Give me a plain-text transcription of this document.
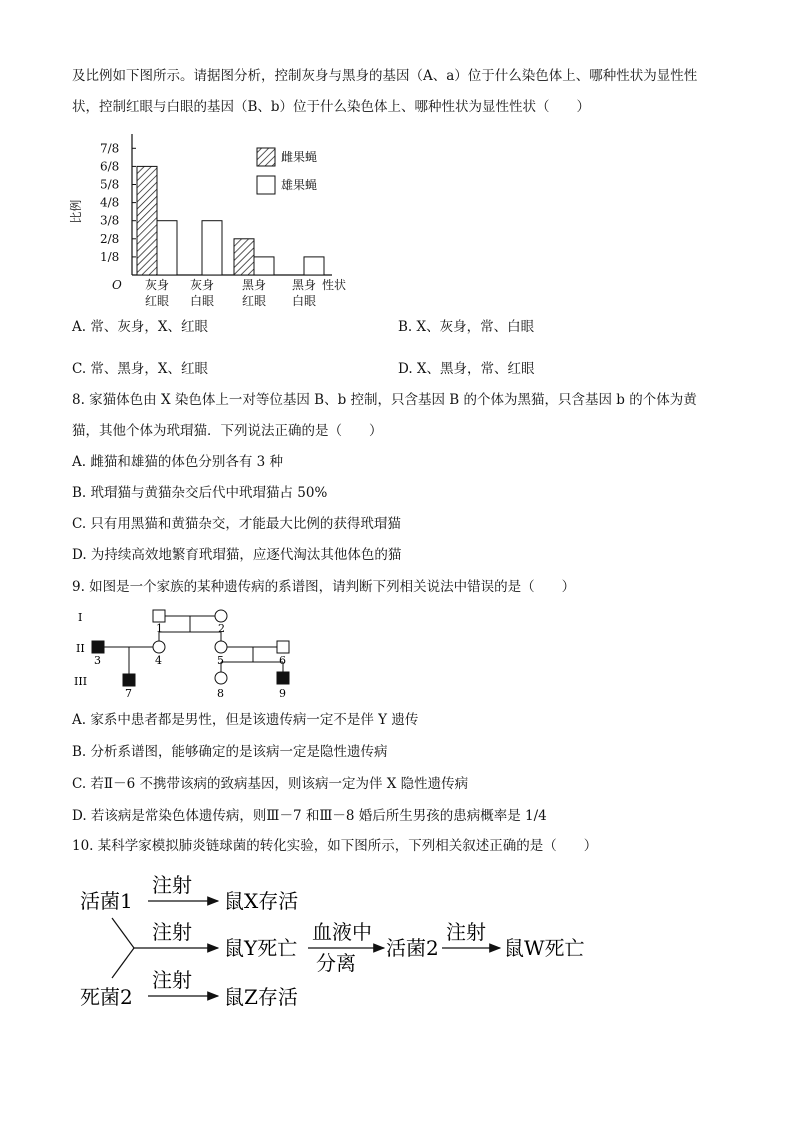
及比例如下图所示。请据图分析，控制灰身与黑身的基因（A、a）位于什么染色体上、哪种性状为显性性
状，控制红眼与白眼的基因（B、b）位于什么染色体上、哪种性状为显性性状（　　）
O
1/8
2/8
3/8
4/8
5/8
6/8
7/8
比例
灰身
红眼
灰身
白眼
黑身
红眼
黑身
白眼
性状
雌果蝇
雄果蝇
A. 常、灰身，X、红眼	B. X、灰身，常、白眼
C. 常、黑身，X、红眼	D. X、黑身，常、红眼
8. 家猫体色由 X 染色体上一对等位基因 B、b 控制，只含基因 B 的个体为黑猫，只含基因 b 的个体为黄
猫，其他个体为玳瑁猫．下列说法正确的是（　　）
A. 雌猫和雄猫的体色分别各有 3 种
B. 玳瑁猫与黄猫杂交后代中玳瑁猫占 50%
C. 只有用黑猫和黄猫杂交，才能最大比例的获得玳瑁猫
D. 为持续高效地繁育玳瑁猫，应逐代淘汰其他体色的猫
9. 如图是一个家族的某种遗传病的系谱图，请判断下列相关说法中错误的是（　　）
I
II
III
1	2
3	4	5	6
7	8	9
A. 家系中患者都是男性，但是该遗传病一定不是伴 Y 遗传
B. 分析系谱图，能够确定的是该病一定是隐性遗传病
C. 若Ⅱ－6 不携带该病的致病基因，则该病一定为伴 X 隐性遗传病
D. 若该病是常染色体遗传病，则Ⅲ－7 和Ⅲ－8 婚后所生男孩的患病概率是 1/4
10. 某科学家模拟肺炎链球菌的转化实验，如下图所示，下列相关叙述正确的是（　　）
活菌1
注射
鼠X存活
注射
鼠Y死亡
血液中
分离
活菌2
注射
鼠W死亡
死菌2
注射
鼠Z存活
